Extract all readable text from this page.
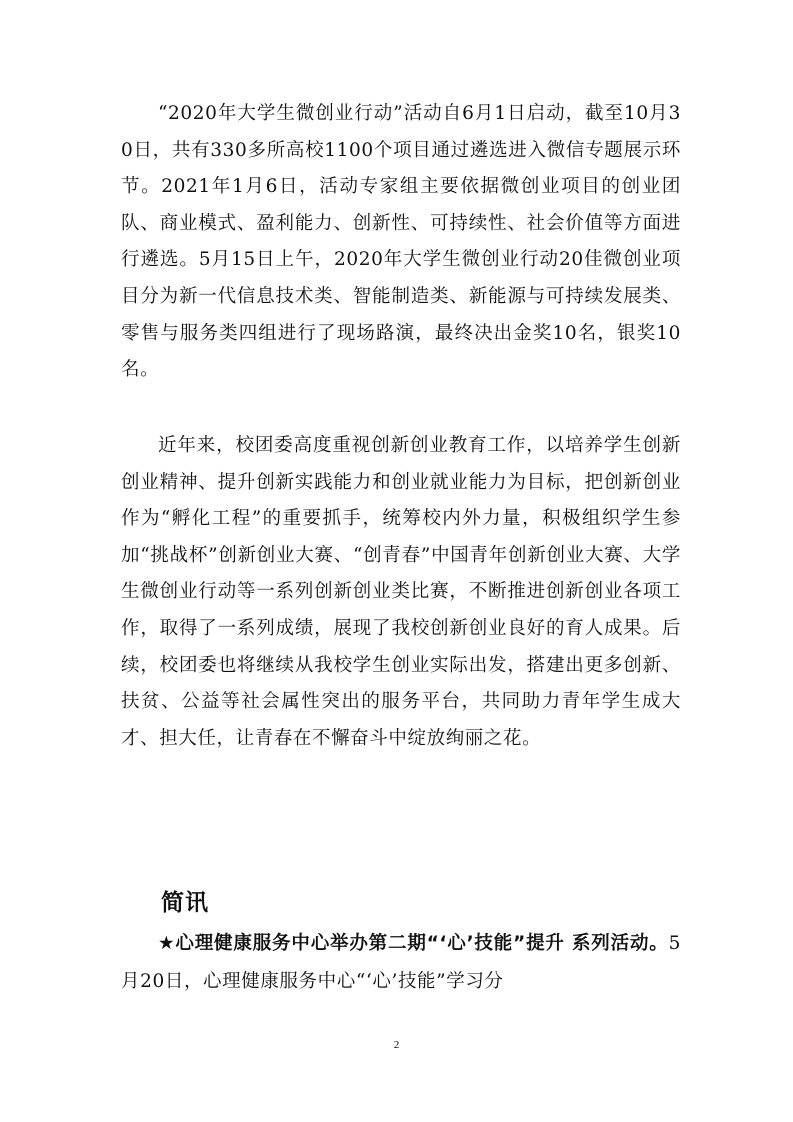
“2020年大学生微创业行动”活动自6月1日启动，截至10月30日，共有330多所高校1100个项目通过遴选进入微信专题展示环节。2021年1月6日，活动专家组主要依据微创业项目的创业团队、商业模式、盈利能力、创新性、可持续性、社会价值等方面进行遴选。5月15日上午，2020年大学生微创业行动20佳微创业项目分为新一代信息技术类、智能制造类、新能源与可持续发展类、零售与服务类四组进行了现场路演，最终决出金奖10名，银奖10名。

近年来，校团委高度重视创新创业教育工作，以培养学生创新创业精神、提升创新实践能力和创业就业能力为目标，把创新创业作为“孵化工程”的重要抓手，统筹校内外力量，积极组织学生参加“挑战杯”创新创业大赛、“创青春”中国青年创新创业大赛、大学生微创业行动等一系列创新创业类比赛，不断推进创新创业各项工作，取得了一系列成绩，展现了我校创新创业良好的育人成果。后续，校团委也将继续从我校学生创业实际出发，搭建出更多创新、扶贫、公益等社会属性突出的服务平台，共同助力青年学生成大才、担大任，让青春在不懈奋斗中绽放绚丽之花。

简讯

★心理健康服务中心举办第二期“‘心’技能”提升 系列活动。5月20日，心理健康服务中心“‘心’技能”学习分

2
